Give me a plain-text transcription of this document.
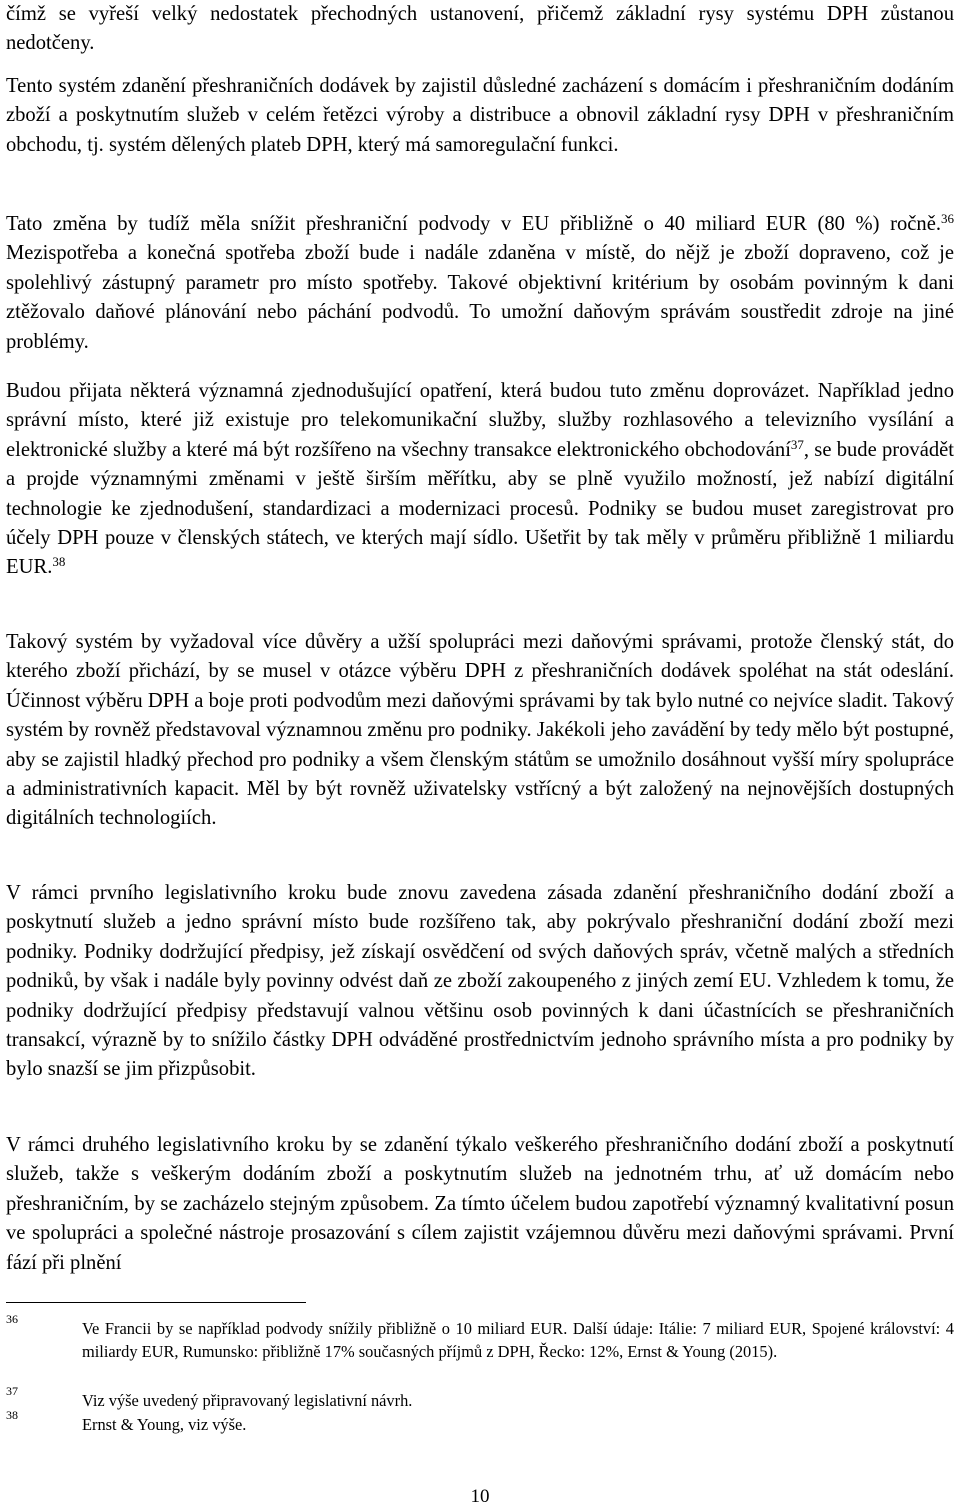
čímž se vyřeší velký nedostatek přechodných ustanovení, přičemž základní rysy systému DPH zůstanou nedotčeny.

Tento systém zdanění přeshraničních dodávek by zajistil důsledné zacházení s domácím i přeshraničním dodáním zboží a poskytnutím služeb v celém řetězci výroby a distribuce a obnovil základní rysy DPH v přeshraničním obchodu, tj. systém dělených plateb DPH, který má samoregulační funkci.

Tato změna by tudíž měla snížit přeshraniční podvody v EU přibližně o 40 miliard EUR (80 %) ročně.$^{36}$ Mezispotřeba a konečná spotřeba zboží bude i nadále zdaněna v místě, do nějž je zboží dopraveno, což je spolehlivý zástupný parametr pro místo spotřeby. Takové objektivní kritérium by osobám povinným k dani ztěžovalo daňové plánování nebo páchání podvodů. To umožní daňovým správám soustředit zdroje na jiné problémy.

Budou přijata některá významná zjednodušující opatření, která budou tuto změnu doprovázet. Například jedno správní místo, které již existuje pro telekomunikační služby, služby rozhlasového a televizního vysílání a elektronické služby a které má být rozšířeno na všechny transakce elektronického obchodování$^{37}$, se bude provádět a projde významnými změnami v ještě širším měřítku, aby se plně využilo možností, jež nabízí digitální technologie ke zjednodušení, standardizaci a modernizaci procesů. Podniky se budou muset zaregistrovat pro účely DPH pouze v členských státech, ve kterých mají sídlo. Ušetřit by tak měly v průměru přibližně 1 miliardu EUR.$^{38}$

Takový systém by vyžadoval více důvěry a užší spolupráci mezi daňovými správami, protože členský stát, do kterého zboží přichází, by se musel v otázce výběru DPH z přeshraničních dodávek spoléhat na stát odeslání. Účinnost výběru DPH a boje proti podvodům mezi daňovými správami by tak bylo nutné co nejvíce sladit. Takový systém by rovněž představoval významnou změnu pro podniky. Jakékoli jeho zavádění by tedy mělo být postupné, aby se zajistil hladký přechod pro podniky a všem členským státům se umožnilo dosáhnout vyšší míry spolupráce a administrativních kapacit. Měl by být rovněž uživatelsky vstřícný a být založený na nejnovějších dostupných digitálních technologiích.

V rámci prvního legislativního kroku bude znovu zavedena zásada zdanění přeshraničního dodání zboží a poskytnutí služeb a jedno správní místo bude rozšířeno tak, aby pokrývalo přeshraniční dodání zboží mezi podniky. Podniky dodržující předpisy, jež získají osvědčení od svých daňových správ, včetně malých a středních podniků, by však i nadále byly povinny odvést daň ze zboží zakoupeného z jiných zemí EU. Vzhledem k tomu, že podniky dodržující předpisy představují valnou většinu osob povinných k dani účastnících se přeshraničních transakcí, výrazně by to snížilo částky DPH odváděné prostřednictvím jednoho správního místa a pro podniky by bylo snazší se jim přizpůsobit.

V rámci druhého legislativního kroku by se zdanění týkalo veškerého přeshraničního dodání zboží a poskytnutí služeb, takže s veškerým dodáním zboží a poskytnutím služeb na jednotném trhu, ať už domácím nebo přeshraničním, by se zacházelo stejným způsobem. Za tímto účelem budou zapotřebí významný kvalitativní posun ve spolupráci a společné nástroje prosazování s cílem zajistit vzájemnou důvěru mezi daňovými správami. První fází při plnění

36	Ve Francii by se například podvody snížily přibližně o 10 miliard EUR. Další údaje: Itálie: 7 miliard EUR, Spojené království: 4 miliardy EUR, Rumunsko: přibližně 17% současných příjmů z DPH, Řecko: 12%, Ernst & Young (2015).
37	Viz výše uvedený připravovaný legislativní návrh.
38	Ernst & Young, viz výše.
10
